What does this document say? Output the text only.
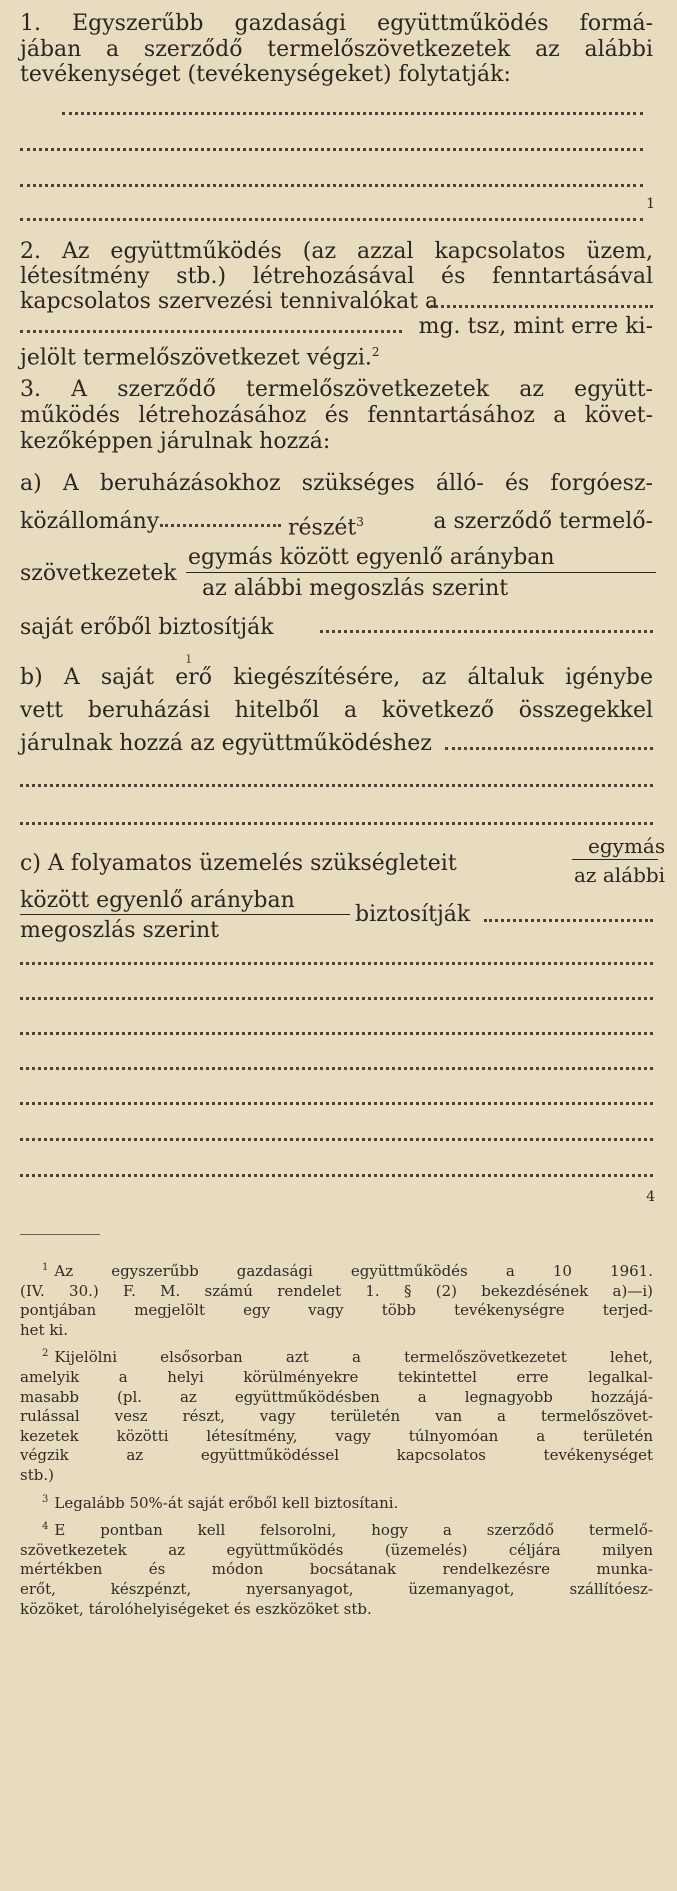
1. Egyszerűbb gazdasági együttműködés formá-
jában a szerződő termelőszövetkezetek az alábbi
tevékenységet (tevékenységeket) folytatják:
1
2. Az együttműködés (az azzal kapcsolatos üzem,
létesítmény stb.) létrehozásával és fenntartásával
kapcsolatos szervezési tennivalókat a
mg. tsz, mint erre ki-
jelölt termelőszövetkezet végzi.$^2$
3. A szerződő termelőszövetkezetek az együtt-
működés létrehozásához és fenntartásához a követ-
kezőképpen járulnak hozzá:
a) A beruházásokhoz szükséges álló- és forgóesz-
közállomány	részét$^3$	a szerződő termelő-
szövetkezetek
egymás között egyenlő arányban
az alábbi megoszlás szerint
saját erőből biztosítják
ı
b) A saját erő kiegészítésére, az általuk igénybe
vett beruházási hitelből a következő összegekkel
járulnak hozzá az együttműködéshez
c) A folyamatos üzemelés szükségleteit
egymás
az alábbi
között egyenlő arányban
megoszlás szerint
biztosítják
4

$^1$ Az egyszerűbb gazdasági együttműködés a 10 1961.
(IV. 30.) F. M. számú rendelet 1. § (2) bekezdésének a)—i)
pontjában megjelölt egy vagy több tevékenységre terjed-
het ki.

$^2$ Kijelölni elsősorban azt a termelőszövetkezetet lehet,
amelyik a helyi körülményekre tekintettel erre legalkal-
masabb (pl. az együttműködésben a legnagyobb hozzájá-
rulással vesz részt, vagy területén van a termelőszövet-
kezetek közötti létesítmény, vagy túlnyomóan a területén
végzik az együttműködéssel kapcsolatos tevékenységet
stb.)

$^3$ Legalább 50%-át saját erőből kell biztosítani.

$^4$ E pontban kell felsorolni, hogy a szerződő termelő-
szövetkezetek az együttműködés (üzemelés) céljára milyen
mértékben és módon bocsátanak rendelkezésre munka-
erőt, készpénzt, nyersanyagot, üzemanyagot, szállítóesz-
közöket, tárolóhelyiségeket és eszközöket stb.
